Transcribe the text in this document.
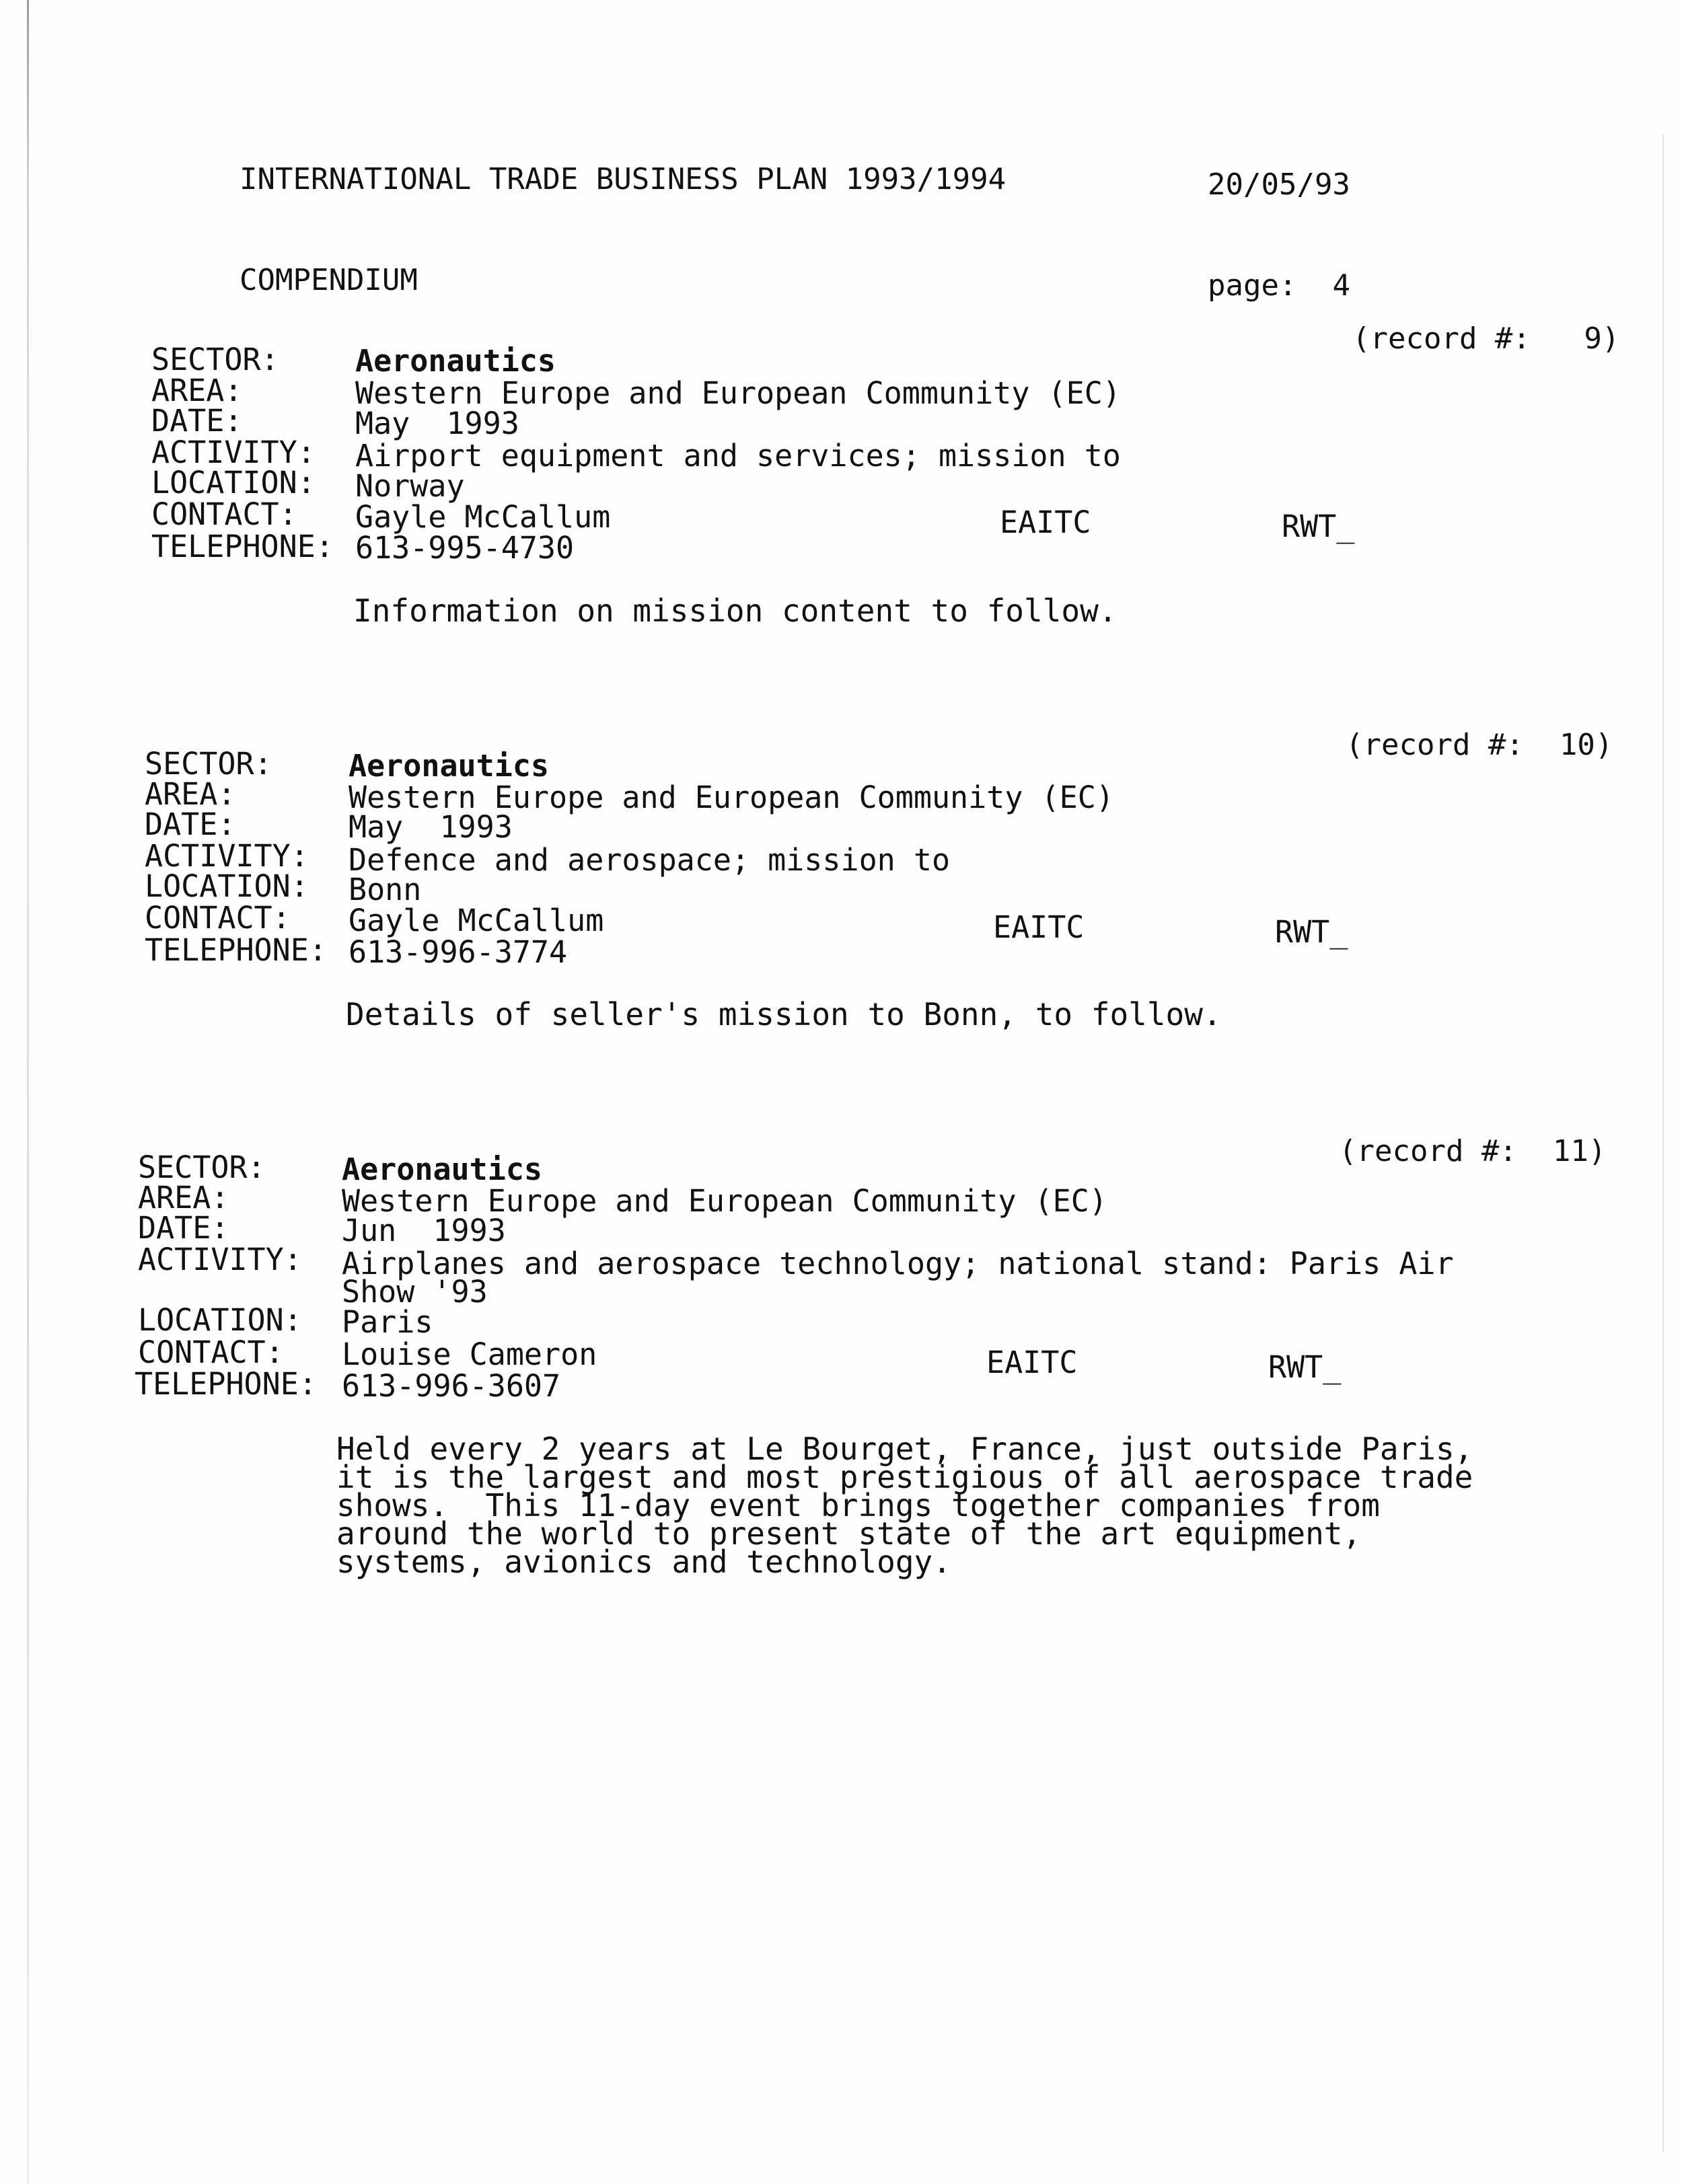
INTERNATIONAL TRADE BUSINESS PLAN 1993/1994

COMPENDIUM

20/05/93

page: 4

(record #: 9)
SECTOR:	Aeronautics
AREA:	Western Europe and European Community (EC)
DATE:	May  1993
ACTIVITY: Airport equipment and services; mission to
LOCATION: Norway
CONTACT: Gayle McCallum	EAITC	RWT_
TELEPHONE: 613-995-4730
Information on mission content to follow.
(record #: 10)
SECTOR:	Aeronautics
AREA:	Western Europe and European Community (EC)
DATE:	May  1993
ACTIVITY: Defence and aerospace; mission to
LOCATION: Bonn
CONTACT: Gayle McCallum	EAITC	RWT_
TELEPHONE: 613-996-3774
Details of seller's mission to Bonn, to follow.
(record #: 11)
SECTOR:	Aeronautics
AREA:	Western Europe and European Community (EC)
DATE:	Jun  1993
ACTIVITY: Airplanes and aerospace technology; national stand: Paris Air
Show '93
LOCATION: Paris
CONTACT: Louise Cameron	EAITC	RWT_
TELEPHONE: 613-996-3607
Held every 2 years at Le Bourget, France, just outside Paris,
it is the largest and most prestigious of all aerospace trade
shows.  This 11-day event brings together companies from
around the world to present state of the art equipment,
systems, avionics and technology.
